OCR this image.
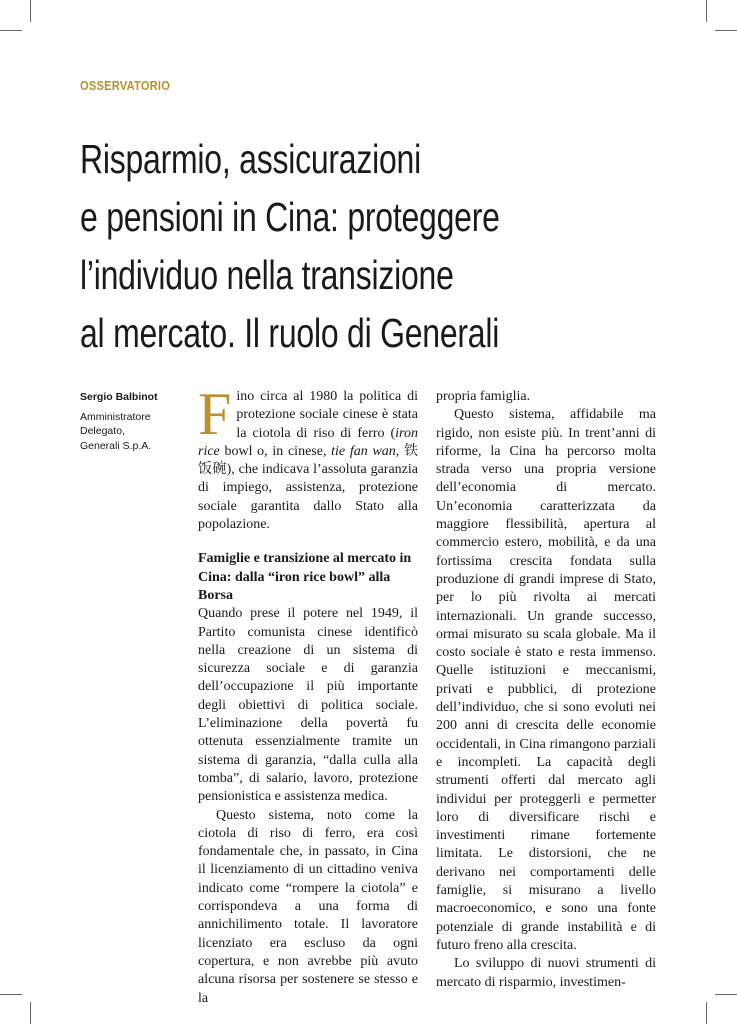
OSSERVATORIO
Risparmio, assicurazioni
e pensioni in Cina: proteggere
l’individuo nella transizione
al mercato. Il ruolo di Generali
Sergio Balbinot
Amministratore
Delegato,
Generali S.p.A. Fino circa al 1980 la politica di protezione sociale cinese è stata la ciotola di riso di ferro (iron rice bowl o, in cinese, tie fan wan, 铁饭碗), che indicava l’assoluta garanzia di impiego, assistenza, protezione sociale garantita dallo Stato alla popolazione.

Famiglie e transizione al mercato in Cina: dalla “iron rice bowl” alla Borsa

Quando prese il potere nel 1949, il Partito comunista cinese identificò nella creazione di un sistema di sicurezza sociale e di garanzia dell’occupazione il più importante degli obiettivi di politica sociale. L’eliminazione della povertà fu ottenuta essenzialmente tramite un sistema di garanzia, “dalla culla alla tomba”, di salario, lavoro, protezione pensionistica e assistenza medica.

Questo sistema, noto come la ciotola di riso di ferro, era così fondamentale che, in passato, in Cina il licenziamento di un cittadino veniva indicato come “rompere la ciotola” e corrispondeva a una forma di annichilimento totale. Il lavoratore licenziato era escluso da ogni copertura, e non avrebbe più avuto alcuna risorsa per sostenere se stesso e la

propria famiglia.

Questo sistema, affidabile ma rigido, non esiste più. In trent’anni di riforme, la Cina ha percorso molta strada verso una propria versione dell’economia di mercato. Un’economia caratterizzata da maggiore flessibilità, apertura al commercio estero, mobilità, e da una fortissima crescita fondata sulla produzione di grandi imprese di Stato, per lo più rivolta ai mercati internazionali. Un grande successo, ormai misurato su scala globale. Ma il costo sociale è stato e resta immenso. Quelle istituzioni e meccanismi, privati e pubblici, di protezione dell’individuo, che si sono evoluti nei 200 anni di crescita delle economie occidentali, in Cina rimangono parziali e incompleti. La capacità degli strumenti offerti dal mercato agli individui per proteggerli e permetter loro di diversificare rischi e investimenti rimane fortemente limitata. Le distorsioni, che ne derivano nei comportamenti delle famiglie, si misurano a livello macroeconomico, e sono una fonte potenziale di grande instabilità e di futuro freno alla crescita.

Lo sviluppo di nuovi strumenti di mercato di risparmio, investimen-
